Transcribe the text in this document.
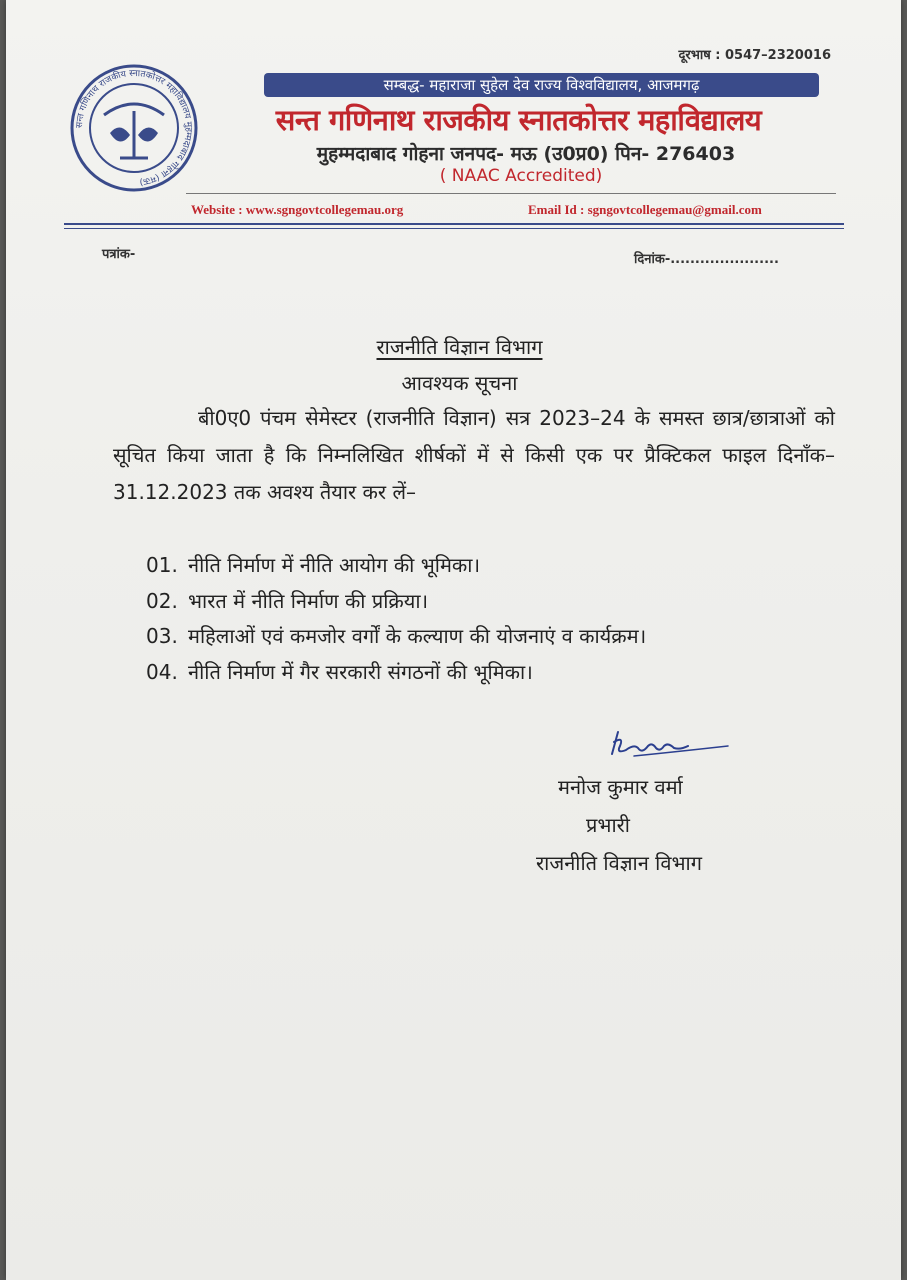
दूरभाष : 0547–2320016
सन्त गणिनाथ राजकीय स्नातकोत्तर महाविद्यालय मुहम्मदाबाद गोहना (मऊ)
सम्बद्ध- महाराजा सुहेल देव राज्य विश्वविद्यालय, आजमगढ़
सन्त गणिनाथ राजकीय स्नातकोत्तर महाविद्यालय
मुहम्मदाबाद गोहना जनपद- मऊ (उ0प्र0) पिन- 276403
( NAAC Accredited)
Website : www.sgngovtcollegemau.org	Email Id : sgngovtcollegemau@gmail.com
पत्रांक-	दिनांक-......................
राजनीति विज्ञान विभाग
आवश्यक सूचना
बी0ए0 पंचम सेमेस्टर (राजनीति विज्ञान) सत्र 2023–24 के समस्त छात्र/छात्राओं को सूचित किया जाता है कि निम्नलिखित शीर्षकों में से किसी एक पर प्रैक्टिकल फाइल दिनाँक–31.12.2023 तक अवश्य तैयार कर लें–
01. नीति निर्माण में नीति आयोग की भूमिका।
02. भारत में नीति निर्माण की प्रक्रिया।
03. महिलाओं एवं कमजोर वर्गों के कल्याण की योजनाएं व कार्यक्रम।
04. नीति निर्माण में गैर सरकारी संगठनों की भूमिका।
मनोज कुमार वर्मा
प्रभारी
राजनीति विज्ञान विभाग
